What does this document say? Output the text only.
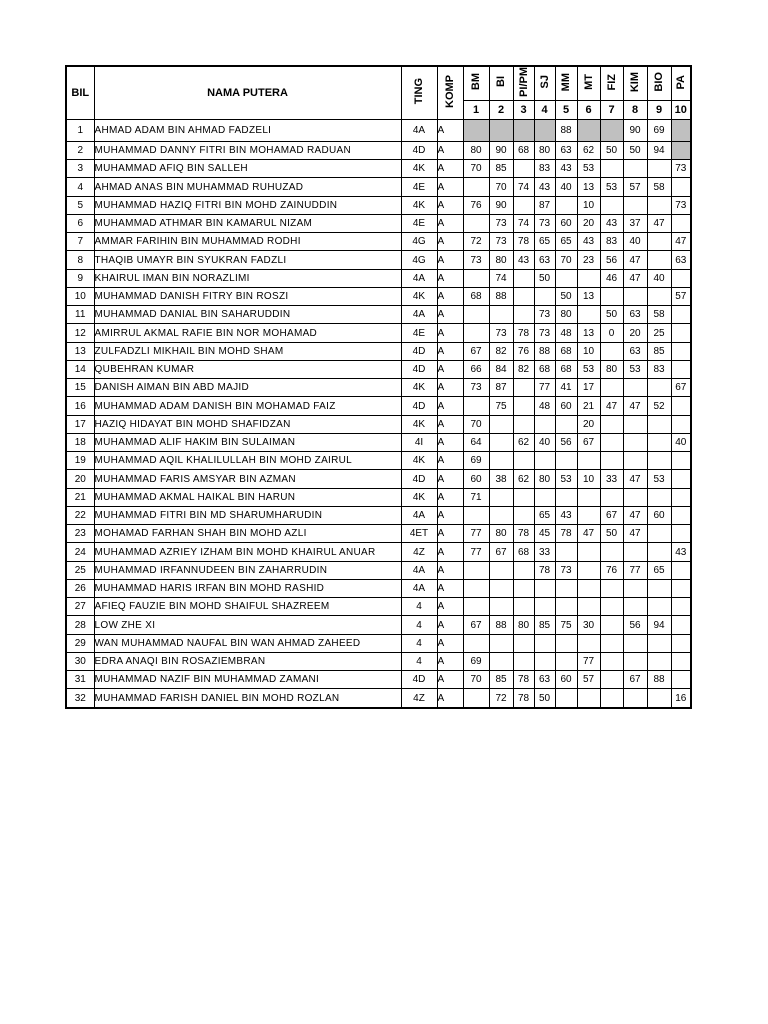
BIL	NAMA PUTERA	TING	KOMP	BM	BI	PI/PM	SJ	MM	MT	FIZ	KIM	BIO	PA
				1	2	3	4	5	6	7	8	9	10
1	AHMAD ADAM BIN AHMAD FADZELI	4A	A					88			90	69	
2	MUHAMMAD DANNY FITRI BIN MOHAMAD RADUAN	4D	A	80	90	68	80	63	62	50	50	94	
3	MUHAMMAD AFIQ BIN SALLEH	4K	A	70	85		83	43	53				73
4	AHMAD ANAS BIN MUHAMMAD RUHUZAD	4E	A		70	74	43	40	13	53	57	58	
5	MUHAMMAD HAZIQ FITRI BIN MOHD ZAINUDDIN	4K	A	76	90		87		10				73
6	MUHAMMAD ATHMAR BIN KAMARUL NIZAM	4E	A		73	74	73	60	20	43	37	47	
7	AMMAR FARIHIN BIN MUHAMMAD RODHI	4G	A	72	73	78	65	65	43	83	40		47
8	THAQIB UMAYR BIN SYUKRAN FADZLI	4G	A	73	80	43	63	70	23	56	47		63
9	KHAIRUL IMAN BIN NORAZLIMI	4A	A		74		50			46	47	40	
10	MUHAMMAD DANISH FITRY BIN ROSZI	4K	A	68	88			50	13				57
11	MUHAMMAD DANIAL BIN SAHARUDDIN	4A	A				73	80		50	63	58	
12	AMIRRUL AKMAL RAFIE BIN NOR MOHAMAD	4E	A		73	78	73	48	13	0	20	25	
13	ZULFADZLI MIKHAIL BIN MOHD SHAM	4D	A	67	82	76	88	68	10		63	85	
14	QUBEHRAN KUMAR	4D	A	66	84	82	68	68	53	80	53	83	
15	DANISH AIMAN BIN ABD MAJID	4K	A	73	87		77	41	17				67
16	MUHAMMAD ADAM DANISH BIN MOHAMAD FAIZ	4D	A		75		48	60	21	47	47	52	
17	HAZIQ HIDAYAT BIN MOHD SHAFIDZAN	4K	A	70					20				
18	MUHAMMAD ALIF HAKIM BIN SULAIMAN	4I	A	64		62	40	56	67				40
19	MUHAMMAD AQIL KHALILULLAH BIN MOHD ZAIRUL	4K	A	69									
20	MUHAMMAD FARIS AMSYAR BIN AZMAN	4D	A	60	38	62	80	53	10	33	47	53	
21	MUHAMMAD AKMAL HAIKAL BIN HARUN	4K	A	71									
22	MUHAMMAD FITRI BIN MD SHARUMHARUDIN	4A	A				65	43		67	47	60	
23	MOHAMAD FARHAN SHAH BIN MOHD AZLI	4ET	A	77	80	78	45	78	47	50	47		
24	MUHAMMAD AZRIEY IZHAM BIN MOHD KHAIRUL ANUAR	4Z	A	77	67	68	33						43
25	MUHAMMAD IRFANNUDEEN BIN ZAHARRUDIN	4A	A				78	73		76	77	65	
26	MUHAMMAD HARIS IRFAN BIN MOHD RASHID	4A	A										
27	AFIEQ FAUZIE BIN MOHD SHAIFUL SHAZREEM	4	A										
28	LOW ZHE XI	4	A	67	88	80	85	75	30		56	94	
29	WAN MUHAMMAD NAUFAL BIN WAN AHMAD ZAHEED	4	A										
30	EDRA ANAQI BIN ROSAZIEMBRAN	4	A	69					77				
31	MUHAMMAD NAZIF BIN MUHAMMAD ZAMANI	4D	A	70	85	78	63	60	57		67	88	
32	MUHAMMAD FARISH DANIEL BIN MOHD ROZLAN	4Z	A		72	78	50						16
